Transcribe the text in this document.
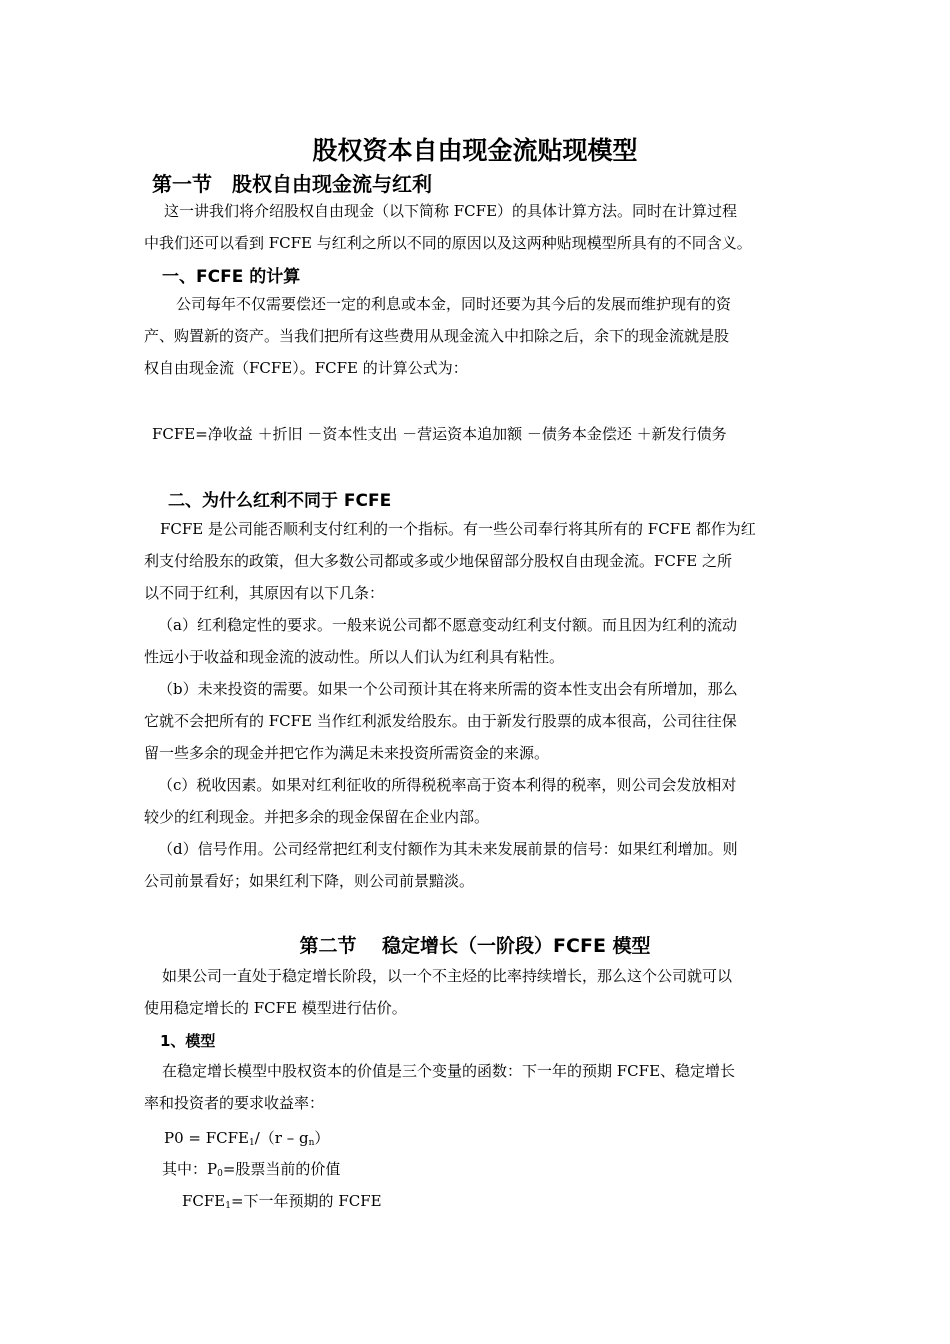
股权资本自由现金流贴现模型
第一节　股权自由现金流与红利
这一讲我们将介绍股权自由现金（以下简称 FCFE）的具体计算方法。同时在计算过程
中我们还可以看到 FCFE 与红利之所以不同的原因以及这两种贴现模型所具有的不同含义。
一、FCFE 的计算
公司每年不仅需要偿还一定的利息或本金，同时还要为其今后的发展而维护现有的资
产、购置新的资产。当我们把所有这些费用从现金流入中扣除之后，余下的现金流就是股
权自由现金流（FCFE）。FCFE 的计算公式为：
FCFE=净收益 ＋折旧 －资本性支出 －营运资本追加额 －债务本金偿还 ＋新发行债务
二、为什么红利不同于 FCFE
FCFE 是公司能否顺利支付红利的一个指标。有一些公司奉行将其所有的 FCFE 都作为红
利支付给股东的政策，但大多数公司都或多或少地保留部分股权自由现金流。FCFE 之所
以不同于红利，其原因有以下几条：
（a）红利稳定性的要求。一般来说公司都不愿意变动红利支付额。而且因为红利的流动
性远小于收益和现金流的波动性。所以人们认为红利具有粘性。
（b）未来投资的需要。如果一个公司预计其在将来所需的资本性支出会有所增加，那么
它就不会把所有的 FCFE 当作红利派发给股东。由于新发行股票的成本很高，公司往往保
留一些多余的现金并把它作为满足未来投资所需资金的来源。
（c）税收因素。如果对红利征收的所得税税率高于资本利得的税率，则公司会发放相对
较少的红利现金。并把多余的现金保留在企业内部。
（d）信号作用。公司经常把红利支付额作为其未来发展前景的信号：如果红利增加。则
公司前景看好；如果红利下降，则公司前景黯淡。
第二节　 稳定增长（一阶段）FCFE 模型
如果公司一直处于稳定增长阶段，以一个不主烃的比率持续增长，那么这个公司就可以
使用稳定增长的 FCFE 模型进行估价。
1、模型
在稳定增长模型中股权资本的价值是三个变量的函数：下一年的预期 FCFE、稳定增长
率和投资者的要求收益率：
$P0 = FCFE_1/(r - g_n)$
其中：$P_0=$股票当前的价值
$FCFE_1=$下一年预期的 FCFE
